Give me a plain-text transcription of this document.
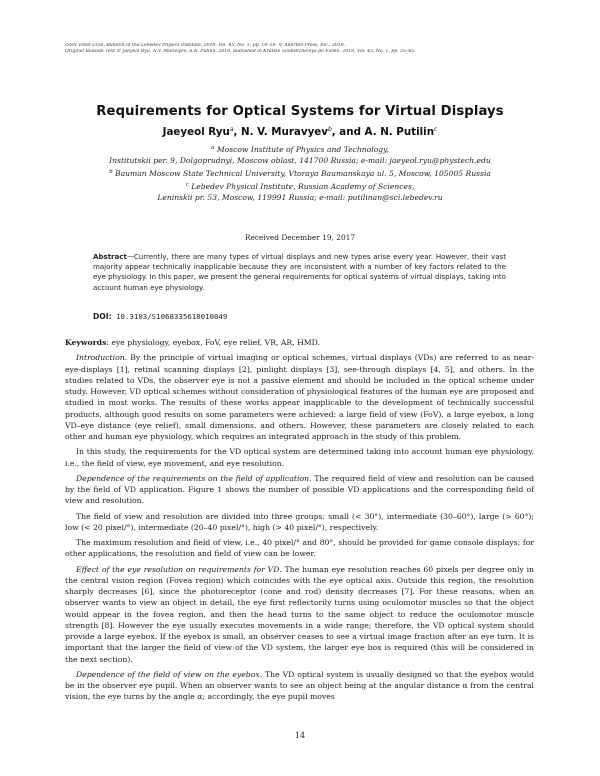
ISSN 1068-3356, Bulletin of the Lebedev Physics Institute, 2018, Vol. 45, No. 1, pp. 14–18. © Allerton Press, Inc., 2018.
Original Russian Text © Jaeyeol Ryu, N.V. Muravyev, A.N. Putilin, 2018, published in Kratkie Soobshcheniya po Fizike, 2018, Vol. 45, No. 1, pp. 35–45.
Requirements for Optical Systems for Virtual Displays
Jaeyeol Ryu$^a$, N. V. Muravyev$^b$, and A. N. Putilin$^c$
$^a$ Moscow Institute of Physics and Technology,
Institutskii per. 9, Dolgoprudnyi, Moscow oblast, 141700 Russia; e-mail: jaeyeol.ryu@phystech.edu
$^b$ Bauman Moscow State Technical University, Vtoraya Baumanskaya ul. 5, Moscow, 105005 Russia
$^c$ Lebedev Physical Institute, Russian Academy of Sciences,
Leninskii pr. 53, Moscow, 119991 Russia; e-mail: putilinan@sci.lebedev.ru
Received December 19, 2017
Abstract—Currently, there are many types of virtual displays and new types arise every year. However, their vast majority appear technically inapplicable because they are inconsistent with a number of key factors related to the eye physiology. In this paper, we present the general requirements for optical systems of virtual displays, taking into account human eye physiology.
DOI: 10.3103/S1068335618010049

Keywords: eye physiology, eyebox, FoV, eye relief, VR, AR, HMD.

Introduction. By the principle of virtual imaging or optical schemes, virtual displays (VDs) are referred to as near-eye-displays [1], retinal scanning displays [2], pinlight displays [3], see-through displays [4, 5], and others. In the studies related to VDs, the observer eye is not a passive element and should be included in the optical scheme under study. However, VD optical schemes without consideration of physiological features of the human eye are proposed and studied in most works. The results of these works appear inapplicable to the development of technically successful products, although good results on some parameters were achieved: a large field of view (FoV), a large eyebox, a long VD–eye distance (eye relief), small dimensions, and others. However, these parameters are closely related to each other and human eye physiology, which requires an integrated approach in the study of this problem.

In this study, the requirements for the VD optical system are determined taking into account human eye physiology, i.e., the field of view, eye movement, and eye resolution.

Dependence of the requirements on the field of application. The required field of view and resolution can be caused by the field of VD application. Figure 1 shows the number of possible VD applications and the corresponding field of view and resolution.

The field of view and resolution are divided into three groups: small (< 30°), intermediate (30–60°), large (> 60°); low (< 20 pixel/°), intermediate (20–40 pixel/°), high (> 40 pixel/°), respectively.

The maximum resolution and field of view, i.e., 40 pixel/° and 80°, should be provided for game console displays; for other applications, the resolution and field of view can be lower.

Effect of the eye resolution on requirements for VD. The human eye resolution reaches 60 pixels per degree only in the central vision region (Fovea region) which coincides with the eye optical axis. Outside this region, the resolution sharply decreases [6], since the photoreceptor (cone and rod) density decreases [7]. For these reasons, when an observer wants to view an object in detail, the eye first reflectorily turns using oculomotor muscles so that the object would appear in the fovea region, and then the head turns to the same object to reduce the oculomotor muscle strength [8]. However the eye usually executes movements in a wide range; therefore, the VD optical system should provide a large eyebox. If the eyebox is small, an observer ceases to see a virtual image fraction after an eye turn. It is important that the larger the field of view of the VD system, the larger eye box is required (this will be considered in the next section).

Dependence of the field of view on the eyebox. The VD optical system is usually designed so that the eyebox would be in the observer eye pupil. When an observer wants to see an object being at the angular distance α from the central vision, the eye turns by the angle α; accordingly, the eye pupil moves

14
